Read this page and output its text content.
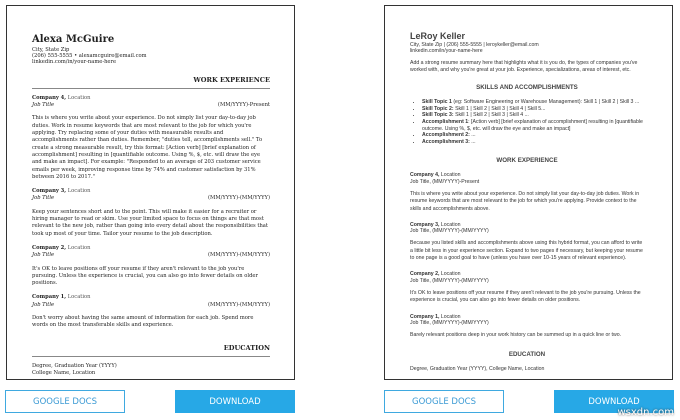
Alexa McGuire

City, State Zip
(206) 555-5555 • alexamcguire@email.com
linkedin.com/in/your-name-here
WORK EXPERIENCE
Company 4, Location
Job Title	(MM/YYYY)-Present
This is where you write about your experience. Do not simply list your day-to-day job duties. Work in resume keywords that are most relevant to the job for which you're applying. Try replacing some of your duties with measurable results and accomplishments rather than duties. Remember, "duties tell, accomplishments sell." To create a strong measurable result, try this format: [Action verb] [brief explanation of accomplishment] resulting in [quantifiable outcome. Using %, $, etc. will draw the eye and make an impact]. For example: "Responded to an average of 203 customer service emails per week, improving response time by 74% and customer satisfaction by 31% between 2016 to 2017."
Company 3, Location
Job Title	(MM/YYYY)-(MM/YYYY)
Keep your sentences short and to the point. This will make it easier for a recruiter or hiring manager to read or skim. Use your limited space to focus on things are that most relevant to the new job, rather than going into every detail about the responsibilities that took up most of your time. Tailor your resume to the job description.
Company 2, Location
Job Title	(MM/YYYY)-(MM/YYYY)
It's OK to leave positions off your resume if they aren't relevant to the job you're pursuing. Unless the experience is crucial, you can also go into fewer details on older positions.
Company 1, Location
Job Title	(MM/YYYY)-(MM/YYYY)
Don't worry about having the same amount of information for each job. Spend more words on the most transferable skills and experience.
EDUCATION
Degree, Graduation Year (YYYY)
College Name, Location
GOOGLE DOCS	DOWNLOAD

LeRoy Keller

City, State Zip | (206) 555-5555 | leroykeller@email.com
linkedin.com/in/your-name-here
Add a strong resume summary here that highlights what it is you do, the types of companies you've worked with, and why you're great at your job. Experience, specializations, areas of interest, etc.
SKILLS AND ACCOMPLISHMENTS
• Skill Topic 1 (eg: Software Engineering or Warehouse Management): Skill 1 | Skill 2 | Skill 3 ...
• Skill Topic 2: Skill 1 | Skill 2 | Skill 3 | Skill 4 | Skill 5...
• Skill Topic 3: Skill 1 | Skill 2 | Skill 3 | Skill 4 ...
• Accomplishment 1: [Action verb] [brief explanation of accomplishment] resulting in [quantifiable outcome. Using %, $, etc. will draw the eye and make an impact]
• Accomplishment 2: ...
• Accomplishment 3: ...
WORK EXPERIENCE
Company 4, Location
Job Title, (MM/YYYY)-Present
This is where you write about your experience. Do not simply list your day-to-day job duties. Work in resume keywords that are most relevant to the job for which you're applying. Provide context to the skills and accomplishments above.
Company 3, Location
Job Title, (MM/YYYY)-(MM/YYYY)
Because you listed skills and accomplishments above using this hybrid format, you can afford to write a little bit less in your experience section. Expand to two pages if necessary, but keeping your resume to one page is a good goal to have (unless you have over 10-15 years of relevant experience).
Company 2, Location
Job Title, (MM/YYYY)-(MM/YYYY)
It's OK to leave positions off your resume if they aren't relevant to the job you're pursuing. Unless the experience is crucial, you can also go into fewer details on older positions.
Company 1, Location
Job Title, (MM/YYYY)-(MM/YYYY)
Barely relevant positions deep in your work history can be summed up in a quick line or two.
EDUCATION
Degree, Graduation Year (YYYY), College Name, Location
GOOGLE DOCS	DOWNLOAD
wsxdn.com
